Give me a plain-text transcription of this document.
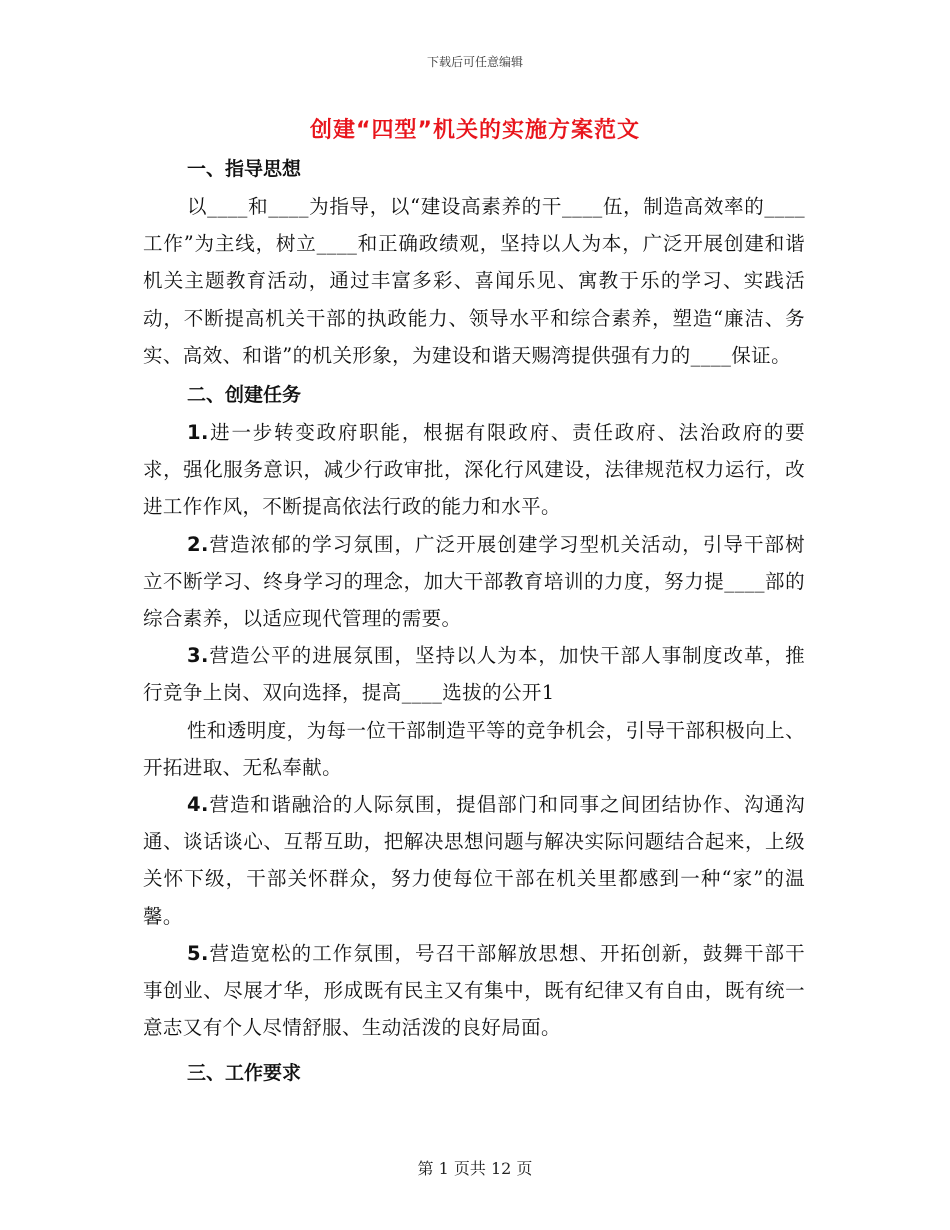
下载后可任意编辑
创建“四型”机关的实施方案范文
一、指导思想

以____和____为指导，以“建设高素养的干____伍，制造高效率的____工作”为主线，树立____和正确政绩观，坚持以人为本，广泛开展创建和谐机关主题教育活动，通过丰富多彩、喜闻乐见、寓教于乐的学习、实践活动，不断提高机关干部的执政能力、领导水平和综合素养，塑造“廉洁、务实、高效、和谐”的机关形象，为建设和谐天赐湾提供强有力的____保证。

二、创建任务

1.进一步转变政府职能，根据有限政府、责任政府、法治政府的要求，强化服务意识，减少行政审批，深化行风建设，法律规范权力运行，改进工作作风，不断提高依法行政的能力和水平。

2.营造浓郁的学习氛围，广泛开展创建学习型机关活动，引导干部树立不断学习、终身学习的理念，加大干部教育培训的力度，努力提____部的综合素养，以适应现代管理的需要。

3.营造公平的进展氛围，坚持以人为本，加快干部人事制度改革，推行竞争上岗、双向选择，提高____选拔的公开1

性和透明度，为每一位干部制造平等的竞争机会，引导干部积极向上、开拓进取、无私奉献。

4.营造和谐融洽的人际氛围，提倡部门和同事之间团结协作、沟通沟通、谈话谈心、互帮互助，把解决思想问题与解决实际问题结合起来，上级关怀下级，干部关怀群众，努力使每位干部在机关里都感到一种“家”的温馨。

5.营造宽松的工作氛围，号召干部解放思想、开拓创新，鼓舞干部干事创业、尽展才华，形成既有民主又有集中，既有纪律又有自由，既有统一意志又有个人尽情舒服、生动活泼的良好局面。

三、工作要求
第 1 页共 12 页
